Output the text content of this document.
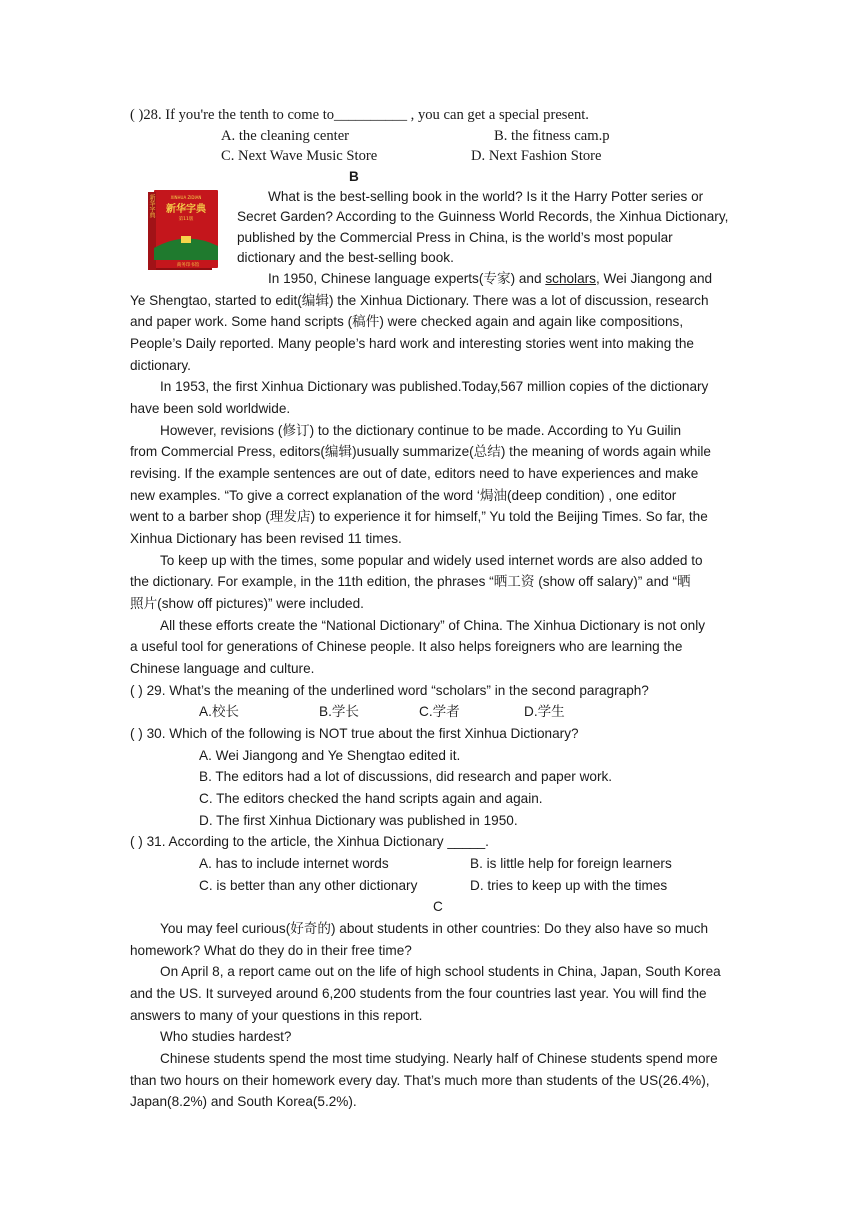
( )28. If you're the tenth to come to__________ , you can get a special present.
A. the cleaning center	B. the fitness cam.p
C. Next Wave Music Store	D. Next Fashion Store
B
新华字典	XINHUA ZIDIAN
新华字典
第11版
商务印书馆
What is the best-selling book in the world? Is it the Harry Potter series or
Secret Garden? According to the Guinness World Records, the Xinhua Dictionary,
published by the Commercial Press in China, is the world’s most popular
dictionary and the best-selling book.
In 1950, Chinese language experts(专家) and scholars, Wei Jiangong and
Ye Shengtao, started to edit(编辑) the Xinhua Dictionary. There was a lot of discussion, research
and paper work. Some hand scripts (稿件) were checked again and again like compositions,
People’s Daily reported. Many people’s hard work and interesting stories went into making the
dictionary.
In 1953, the first Xinhua Dictionary was published.Today,567 million copies of the dictionary
have been sold worldwide.
However, revisions (修订) to the dictionary continue to be made. According to Yu Guilin
from Commercial Press, editors(编辑)usually summarize(总结) the meaning of words again while
revising. If the example sentences are out of date, editors need to have experiences and make
new examples. “To give a correct explanation of the word ‘焗油(deep condition) , one editor
went to a barber shop (理发店) to experience it for himself,” Yu told the Beijing Times. So far, the
Xinhua Dictionary has been revised 11 times.
To keep up with the times, some popular and widely used internet words are also added to
the dictionary. For example, in the 11th edition, the phrases “晒工资 (show off salary)” and “晒
照片(show off pictures)” were included.
All these efforts create the “National Dictionary” of China. The Xinhua Dictionary is not only
a useful tool for generations of Chinese people. It also helps foreigners who are learning the
Chinese language and culture.
( ) 29. What’s the meaning of the underlined word “scholars” in the second paragraph?
A.校长	B.学长	C.学者	D.学生
( ) 30. Which of the following is NOT true about the first Xinhua Dictionary?
A. Wei Jiangong and Ye Shengtao edited it.
B. The editors had a lot of discussions, did research and paper work.
C. The editors checked the hand scripts again and again.
D. The first Xinhua Dictionary was published in 1950.
( ) 31. According to the article, the Xinhua Dictionary _____.
A. has to include internet words	B. is little help for foreign learners
C. is better than any other dictionary	D. tries to keep up with the times
C
You may feel curious(好奇的) about students in other countries: Do they also have so much
homework? What do they do in their free time?
On April 8, a report came out on the life of high school students in China, Japan, South Korea
and the US. It surveyed around 6,200 students from the four countries last year. You will find the
answers to many of your questions in this report.
Who studies hardest?
Chinese students spend the most time studying. Nearly half of Chinese students spend more
than two hours on their homework every day. That’s much more than students of the US(26.4%),
Japan(8.2%) and South Korea(5.2%).
